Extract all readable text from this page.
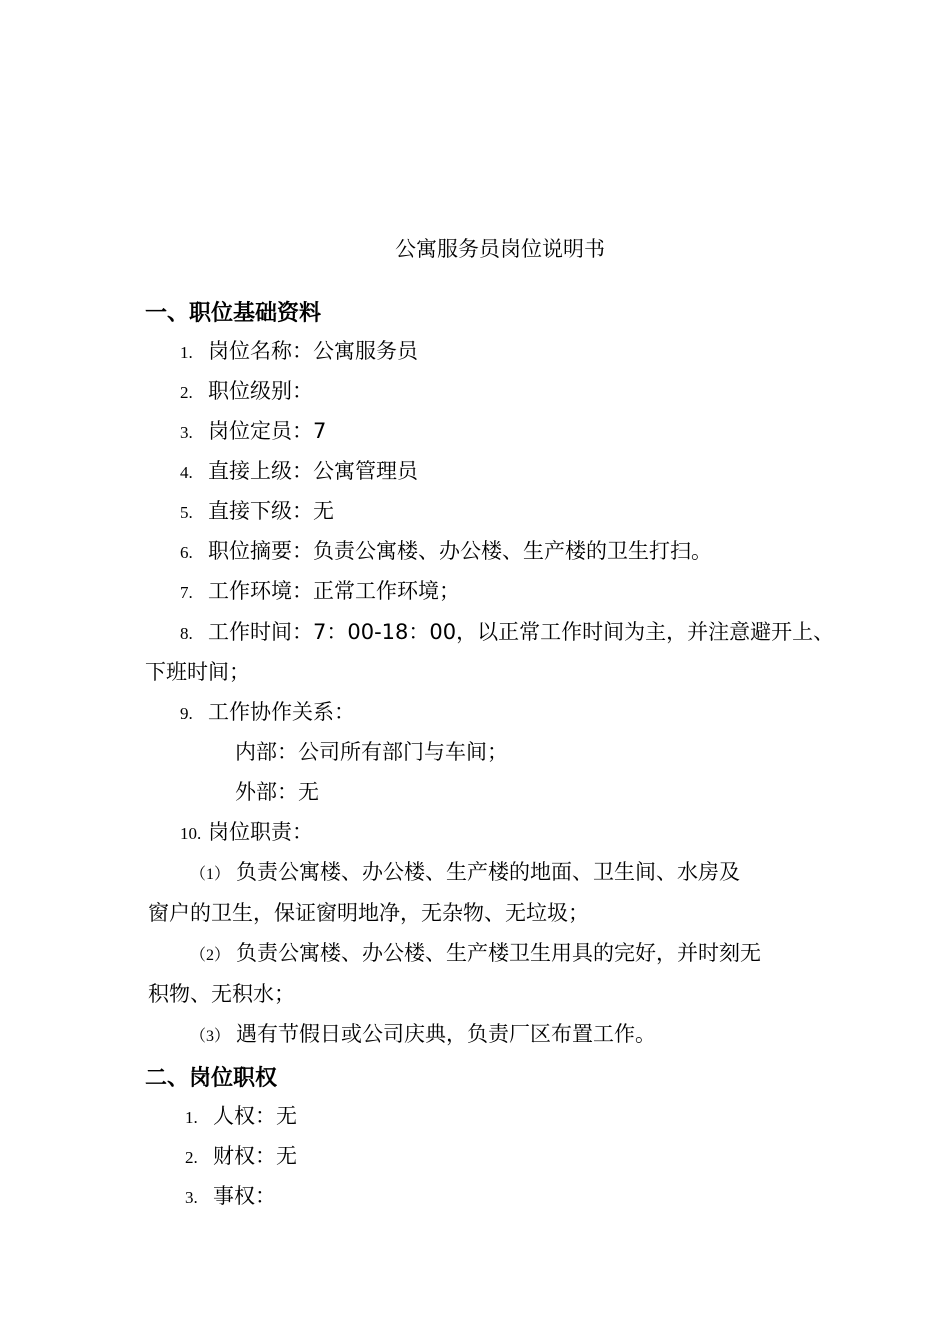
公寓服务员岗位说明书
一、职位基础资料
1. 岗位名称：公寓服务员
2. 职位级别：
3. 岗位定员：7
4. 直接上级：公寓管理员
5. 直接下级：无
6. 职位摘要：负责公寓楼、办公楼、生产楼的卫生打扫。
7. 工作环境：正常工作环境；
8. 工作时间：7：00-18：00，以正常工作时间为主，并注意避开上、
下班时间；
9. 工作协作关系：
内部：公司所有部门与车间；
外部：无
10. 岗位职责：
（1） 负责公寓楼、办公楼、生产楼的地面、卫生间、水房及
窗户的卫生，保证窗明地净，无杂物、无垃圾；
（2） 负责公寓楼、办公楼、生产楼卫生用具的完好，并时刻无
积物、无积水；
（3） 遇有节假日或公司庆典，负责厂区布置工作。
二、岗位职权
1. 人权：无
2. 财权：无
3. 事权：
